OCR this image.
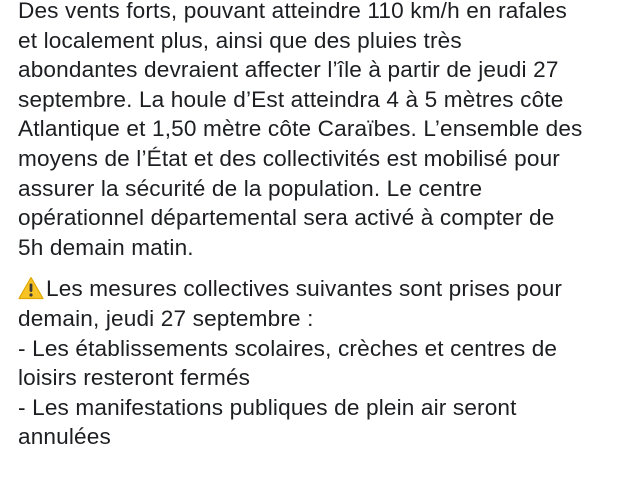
Des vents forts, pouvant atteindre 110 km/h en rafales
et localement plus, ainsi que des pluies très
abondantes devraient affecter l’île à partir de jeudi 27
septembre. La houle d’Est atteindra 4 à 5 mètres côte
Atlantique et 1,50 mètre côte Caraïbes. L’ensemble des
moyens de l’État et des collectivités est mobilisé pour
assurer la sécurité de la population. Le centre
opérationnel départemental sera activé à compter de
5h demain matin.

Les mesures collectives suivantes sont prises pour
demain, jeudi 27 septembre :
- Les établissements scolaires, crèches et centres de
loisirs resteront fermés
- Les manifestations publiques de plein air seront
annulées
